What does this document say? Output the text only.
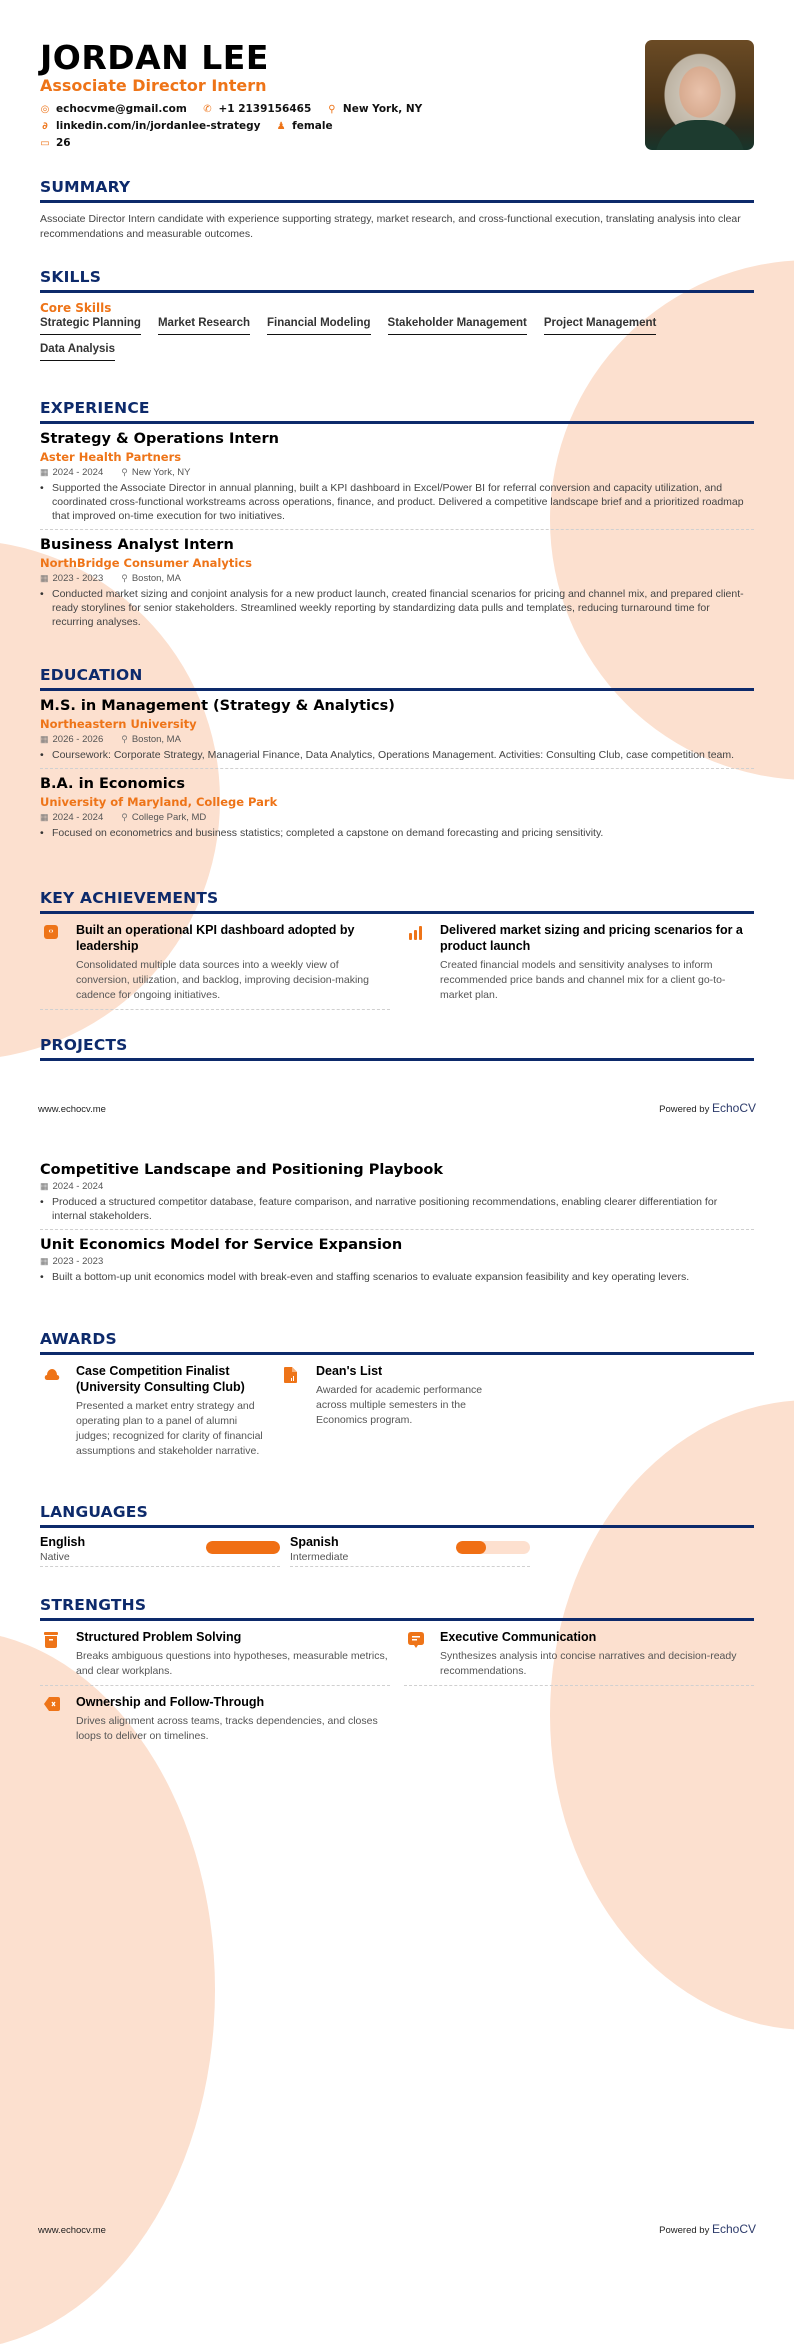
JORDAN LEE
Associate Director Intern
◎ echocvme@gmail.com
✆ +1 2139156465
⚲ New York, NY

∂ linkedin.com/in/jordanlee-strategy
♟ female

▭ 26
SUMMARY
Associate Director Intern candidate with experience supporting strategy, market research, and cross-functional execution, translating analysis into clear recommendations and measurable outcomes.
SKILLS
Core Skills
Strategic Planning Market Research Financial Modeling Stakeholder Management Project Management
Data Analysis
EXPERIENCE
Strategy & Operations Intern
Aster Health Partners
▦ 2024 - 2024 ⚲ New York, NY
• Supported the Associate Director in annual planning, built a KPI dashboard in Excel/Power BI for referral conversion and capacity utilization, and coordinated cross-functional workstreams across operations, finance, and product. Delivered a competitive landscape brief and a prioritized roadmap that improved on-time execution for two initiatives.
Business Analyst Intern
NorthBridge Consumer Analytics
▦ 2023 - 2023 ⚲ Boston, MA
• Conducted market sizing and conjoint analysis for a new product launch, created financial scenarios for pricing and channel mix, and prepared client-ready storylines for senior stakeholders. Streamlined weekly reporting by standardizing data pulls and templates, reducing turnaround time for recurring analyses.
EDUCATION
M.S. in Management (Strategy & Analytics)
Northeastern University
▦ 2026 - 2026 ⚲ Boston, MA
• Coursework: Corporate Strategy, Managerial Finance, Data Analytics, Operations Management. Activities: Consulting Club, case competition team.
B.A. in Economics
University of Maryland, College Park
▦ 2024 - 2024 ⚲ College Park, MD
• Focused on econometrics and business statistics; completed a capstone on demand forecasting and pricing sensitivity.
KEY ACHIEVEMENTS
‹›	Built an operational KPI dashboard adopted by leadership
Consolidated multiple data sources into a weekly view of conversion, utilization, and backlog, improving decision-making cadence for ongoing initiatives.
Delivered market sizing and pricing scenarios for a product launch
Created financial models and sensitivity analyses to inform recommended price bands and channel mix for a client go-to-market plan.
PROJECTS
www.echocv.me	Powered by EchoCV
Competitive Landscape and Positioning Playbook
▦ 2024 - 2024
• Produced a structured competitor database, feature comparison, and narrative positioning recommendations, enabling clearer differentiation for internal stakeholders.
Unit Economics Model for Service Expansion
▦ 2023 - 2023
• Built a bottom-up unit economics model with break-even and staffing scenarios to evaluate expansion feasibility and key operating levers.
AWARDS
Case Competition Finalist (University Consulting Club)
Presented a market entry strategy and operating plan to a panel of alumni judges; recognized for clarity of financial assumptions and stakeholder narrative.
Dean's List
Awarded for academic performance across multiple semesters in the Economics program.
LANGUAGES
English
Native
Spanish
Intermediate
STRENGTHS
Structured Problem Solving
Breaks ambiguous questions into hypotheses, measurable metrics, and clear workplans.
Executive Communication
Synthesizes analysis into concise narratives and decision-ready recommendations.
Ownership and Follow-Through
Drives alignment across teams, tracks dependencies, and closes loops to deliver on timelines.
www.echocv.me	Powered by EchoCV
